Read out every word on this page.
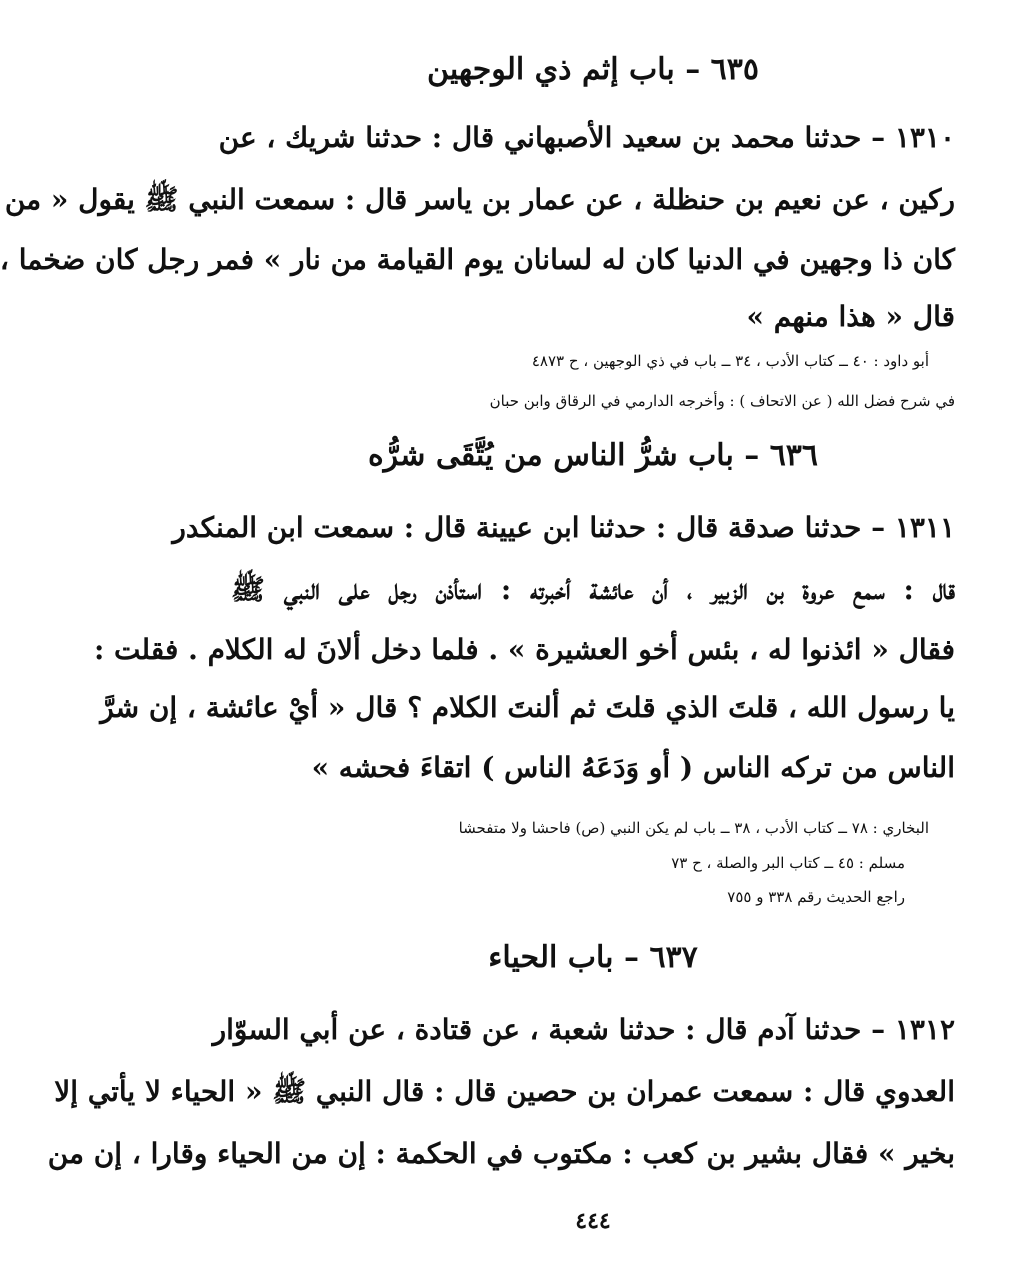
٦٣٥ – باب إثم ذي الوجهين
١٣١٠ – حدثنا محمد بن سعيد الأصبهاني قال : حدثنا شريك ، عن
ركين ، عن نعيم بن حنظلة ، عن عمار بن ياسر قال : سمعت النبي ﷺ يقول « من
كان ذا وجهين في الدنيا كان له لسانان يوم القيامة من نار » فمر رجل كان ضخما ،
قال « هذا منهم »
أبو داود : ٤٠ ــ كتاب الأدب ، ٣٤ ــ باب في ذي الوجهين ، ح ٤٨٧٣
في شرح فضل الله ( عن الاتحاف ) : وأخرجه الدارمي في الرقاق وابن حبان
٦٣٦ – باب شرُّ الناس من يُتَّقَى شرُّه
١٣١١ – حدثنا صدقة قال : حدثنا ابن عيينة قال : سمعت ابن المنكدر
قال : سمع عروة بن الزبير ، أن عائشة أخبرته : استأذن رجل على النبي ﷺ
فقال « ائذنوا له ، بئس أخو العشيرة » . فلما دخل ألانَ له الكلام . فقلت :
يا رسول الله ، قلتَ الذي قلتَ ثم ألنتَ الكلام ؟ قال « أيْ عائشة ، إن شرَّ
الناس من تركه الناس ( أو وَدَعَهُ الناس ) اتقاءَ فحشه »
البخاري : ٧٨ ــ كتاب الأدب ، ٣٨ ــ باب لم يكن النبي (ص) فاحشا ولا متفحشا
مسلم : ٤٥ ــ كتاب البر والصلة ، ح ٧٣
راجع الحديث رقم ٣٣٨ و ٧٥٥
٦٣٧ – باب الحياء
١٣١٢ – حدثنا آدم قال : حدثنا شعبة ، عن قتادة ، عن أبي السوّار
العدوي قال : سمعت عمران بن حصين قال : قال النبي ﷺ « الحياء لا يأتي إلا
بخير » فقال بشير بن كعب : مكتوب في الحكمة : إن من الحياء وقارا ، إن من
٤٤٤
